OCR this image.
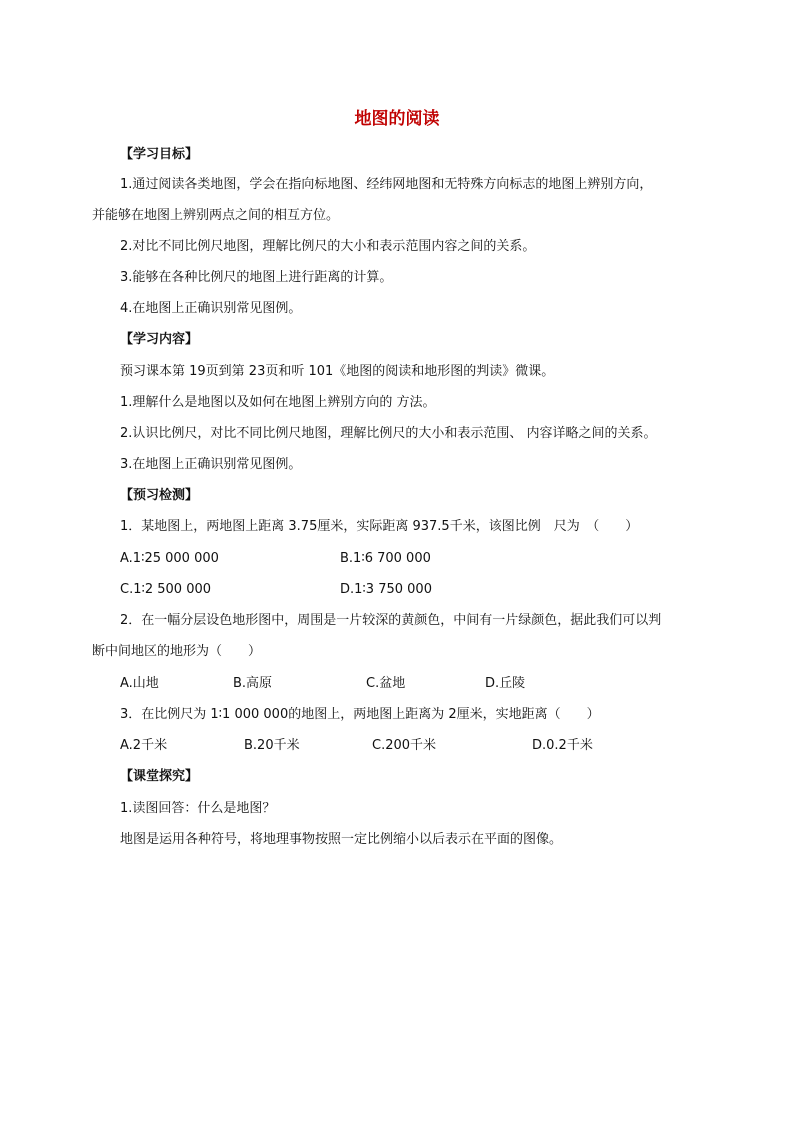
地图的阅读

【学习目标】

1.通过阅读各类地图，学会在指向标地图、经纬网地图和无特殊方向标志的地图上辨别方向，

并能够在地图上辨别两点之间的相互方位。

2.对比不同比例尺地图，理解比例尺的大小和表示范围内容之间的关系。

3.能够在各种比例尺的地图上进行距离的计算。

4.在地图上正确识别常见图例。

【学习内容】

预习课本第 19页到第 23页和听 101《地图的阅读和地形图的判读》微课。

1.理解什么是地图以及如何在地图上辨别方向的 方法。

2.认识比例尺，对比不同比例尺地图，理解比例尺的大小和表示范围、 内容详略之间的关系。

3.在地图上正确识别常见图例。

【预习检测】

1．某地图上，两地图上距离 3.75厘米，实际距离 937.5千米，该图比例　尺为　（　　）

A.1∶25 000 000	B.1∶6 700 000
C.1∶2 500 000	D.1∶3 750 000

2．在一幅分层设色地形图中，周围是一片较深的黄颜色，中间有一片绿颜色，据此我们可以判

断中间地区的地形为（　　）

A.山地	B.高原	C.盆地	D.丘陵

3．在比例尺为 1∶1 000 000的地图上，两地图上距离为 2厘米，实地距离（　　）

A.2千米	B.20千米	C.200千米	D.0.2千米

【课堂探究】

1.读图回答：什么是地图？

地图是运用各种符号，将地理事物按照一定比例缩小以后表示在平面的图像。
